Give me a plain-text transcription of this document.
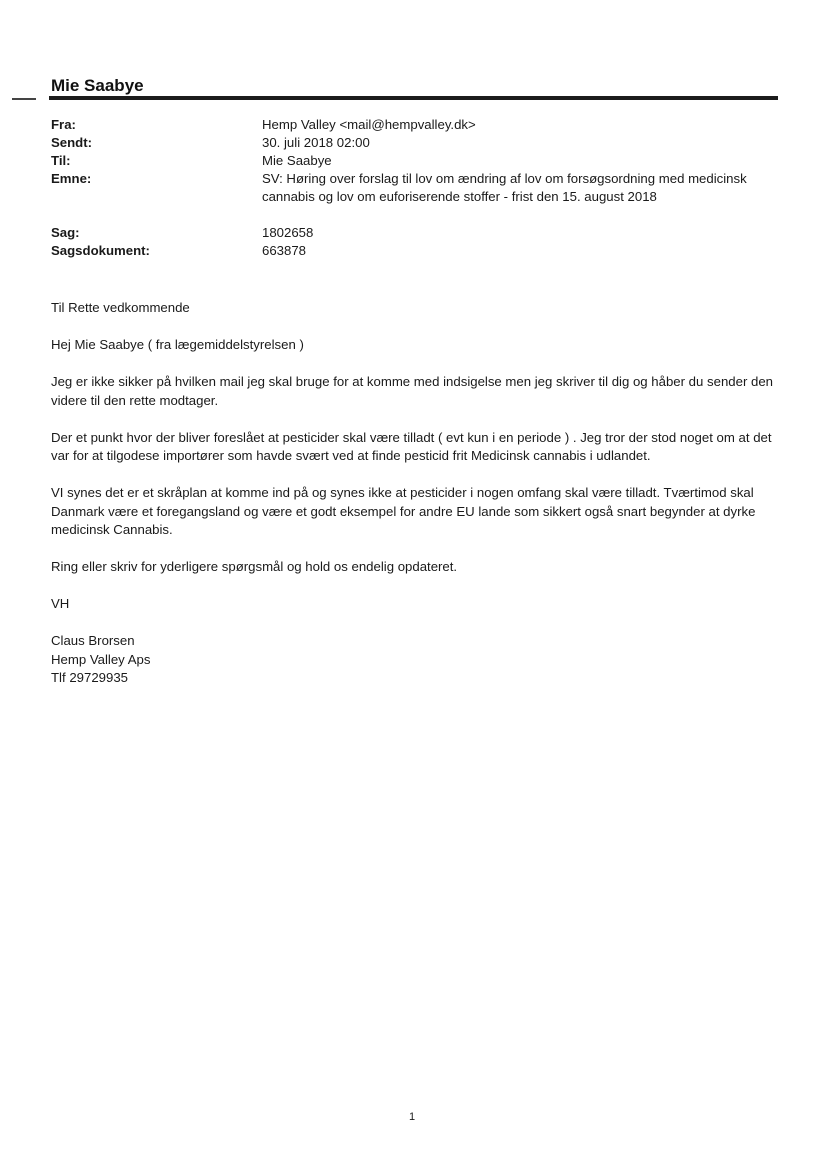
Mie Saabye
Fra:	Hemp Valley <mail@hempvalley.dk>
Sendt:	30. juli 2018 02:00
Til:	Mie Saabye
Emne:	SV: Høring over forslag til lov om ændring af lov om forsøgsordning med medicinsk cannabis og lov om euforiserende stoffer - frist den 15. august 2018
Sag:	1802658
Sagsdokument:	663878

Til Rette vedkommende

Hej Mie Saabye ( fra lægemiddelstyrelsen )

Jeg er ikke sikker på hvilken mail jeg skal bruge for at komme med indsigelse men jeg skriver til dig og håber du sender den videre til den rette modtager.

Der et punkt hvor der bliver foreslået at pesticider skal være tilladt ( evt kun i en periode ) . Jeg tror der stod noget om at det var for at tilgodese importører som havde svært ved at finde pesticid frit Medicinsk cannabis i udlandet.

VI synes det er et skråplan at komme ind på og synes ikke at pesticider i nogen omfang skal være tilladt. Tværtimod skal Danmark være et foregangsland og være et godt eksempel for andre EU lande som sikkert også snart begynder at dyrke medicinsk Cannabis.

Ring eller skriv for yderligere spørgsmål og hold os endelig opdateret.

VH

Claus Brorsen

Hemp Valley Aps

Tlf 29729935

1
